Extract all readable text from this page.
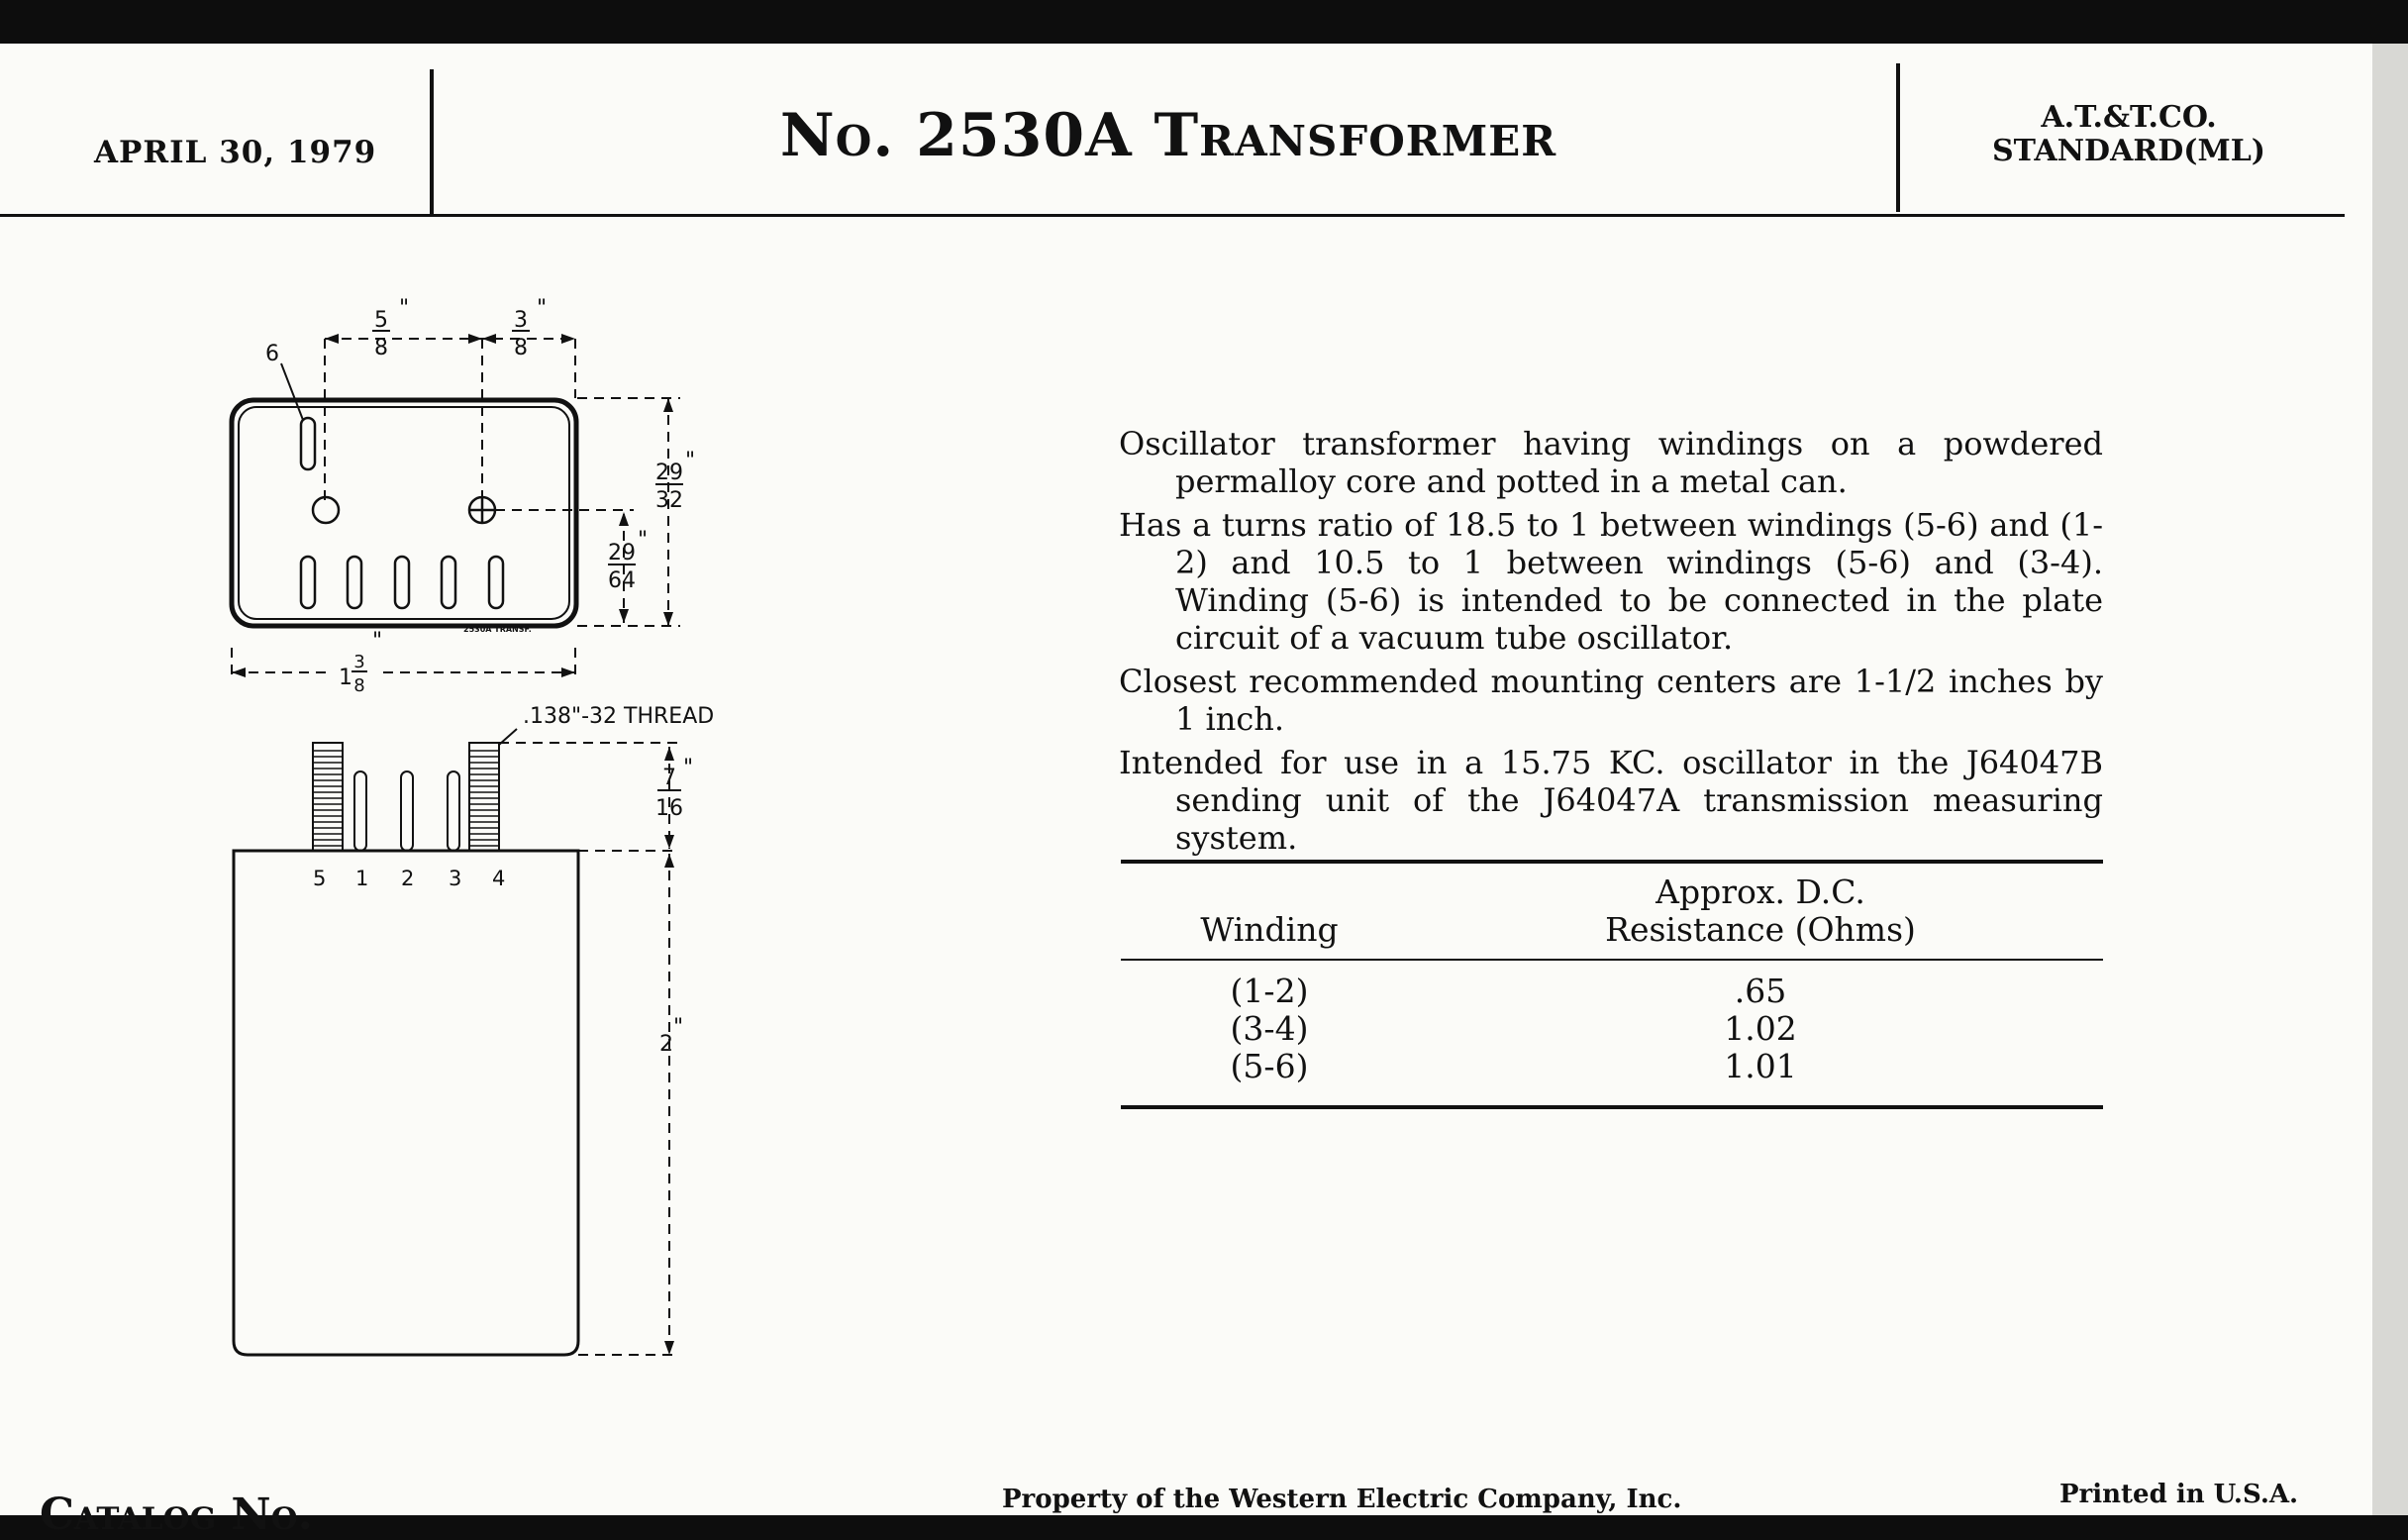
APRIL 30, 1979	No. 2530A Transformer	A.T.&T.CO.
STANDARD(ML)
2530A TRANSF.
6
5
8
"	3
8
"
29
32
"
29
64
"
1
3
8
"
.138"-32 THREAD
7
16
"
2
"
5 1 2 3 4

Oscillator transformer having windings on a powdered permalloy core and potted in a metal can.

Has a turns ratio of 18.5 to 1 between windings (5-6) and (1-2) and 10.5 to 1 between windings (5-6) and (3-4). Winding (5-6) is intended to be connected in the plate circuit of a vacuum tube oscillator.

Closest recommended mounting centers are 1-1/2 inches by 1 inch.

Intended for use in a 15.75 KC. oscillator in the J64047B sending unit of the J64047A transmission measuring system.

Winding	Approx. D.C.
Resistance (Ohms)

(1-2)	.65
(3-4)	1.02
(5-6)	1.01
Catalog No.	Property of the Western Electric Company, Inc.	Printed in U.S.A.
